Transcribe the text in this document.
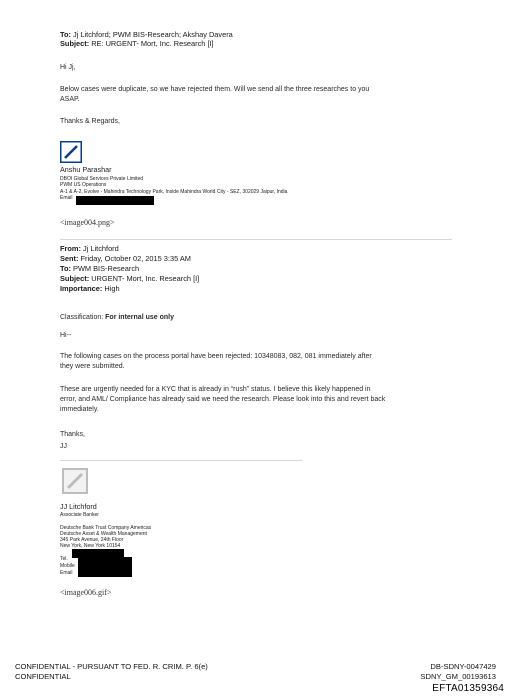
To: Jj Litchford; PWM BIS-Research; Akshay Davera
Subject: RE: URGENT- Mort, Inc. Research [I]
Hi Jj,
Below cases were duplicate, so we have rejected them. Will we send all the three researches to you
ASAP.
Thanks & Regards,
Anshu Parashar
DBOI Global Services Private Limited
PWM US Operations
A-1 & A-2, Evolve - Mahindra Technology Park, Inside Mahindra World City - SEZ, 302029 Jaipur, India
Email
<image004.png>
From: Jj Litchford
Sent: Friday, October 02, 2015 3:35 AM
To: PWM BIS-Research
Subject: URGENT- Mort, Inc. Research [I]
Importance: High
Classification: For internal use only
Hi--
The following cases on the process portal have been rejected: 10348083, 082, 081 immediately after
they were submitted.
These are urgently needed for a KYC that is already in “rush” status. I believe this likely happened in
error, and AML/ Compliance has already said we need the research. Please look into this and revert back
immediately.
Thanks,
JJ
JJ Litchford
Associate Banker
Deutsche Bank Trust Company Americas
Deutsche Asset & Wealth Management
345 Park Avenue, 24th Floor
New York, New York 10154
Tel.
Mobile
Email
<image006.gif>
CONFIDENTIAL - PURSUANT TO FED. R. CRIM. P. 6(e)
CONFIDENTIAL
DB-SDNY-0047429
SDNY_GM_00193613
EFTA01359364
